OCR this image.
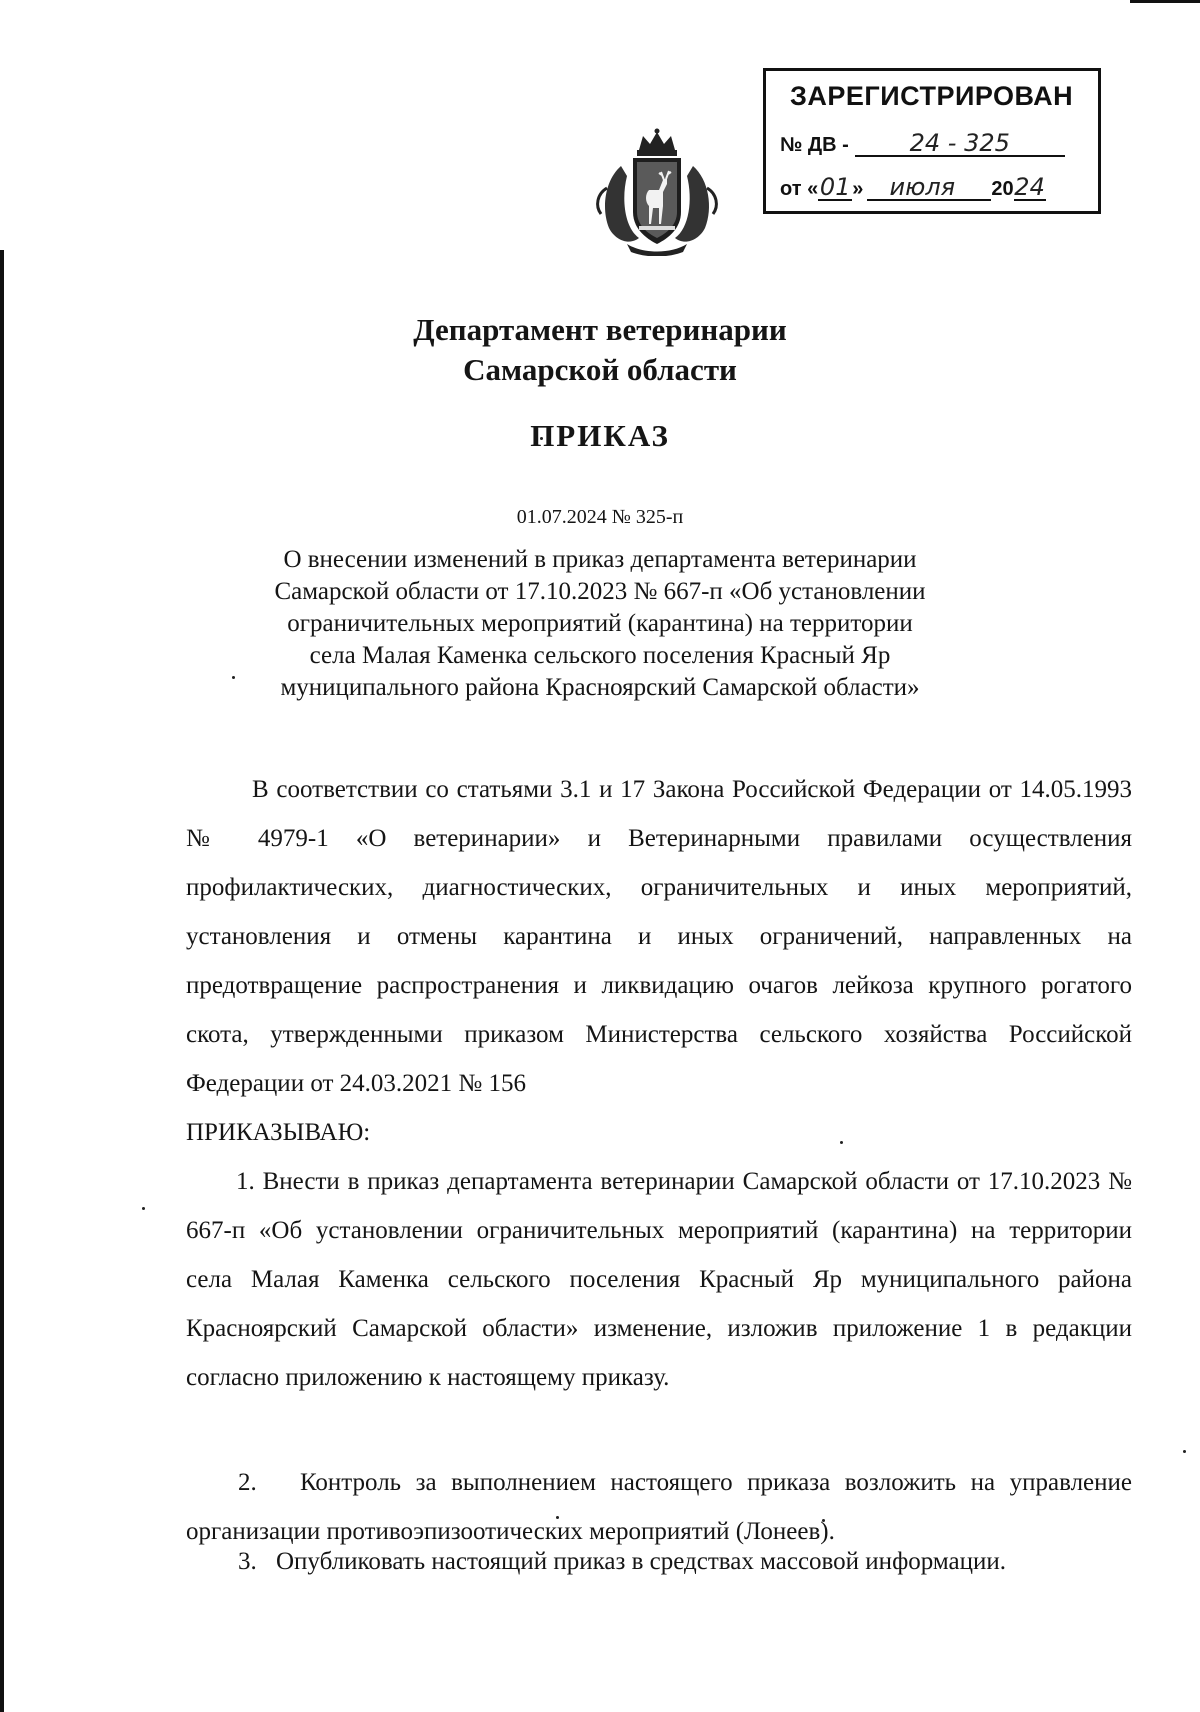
ЗАРЕГИСТРИРОВАН
№ ДВ -	24 - 325
от « 01 »	июля	20 24
Департамент ветеринарии
Самарской области
ПРИКАЗ
01.07.2024 № 325-п
О внесении изменений в приказ департамента ветеринарии
Самарской области от 17.10.2023 № 667-п «Об установлении
ограничительных мероприятий (карантина) на территории
села Малая Каменка сельского поселения Красный Яр
муниципального района Красноярский Самарской области»
В соответствии со статьями 3.1 и 17 Закона Российской Федерации от 14.05.1993 № 4979-1 «О ветеринарии» и Ветеринарными правилами осуществления профилактических, диагностических, ограничительных и иных мероприятий, установления и отмены карантина и иных ограничений, направленных на предотвращение распространения и ликвидацию очагов лейкоза крупного рогатого скота, утвержденными приказом Министерства сельского хозяйства Российской Федерации от 24.03.2021 № 156
ПРИКАЗЫВАЮ:
1. Внести в приказ департамента ветеринарии Самарской области от 17.10.2023 № 667-п «Об установлении ограничительных мероприятий (карантина) на территории села Малая Каменка сельского поселения Красный Яр муниципального района Красноярский Самарской области» изменение, изложив приложение 1 в редакции согласно приложению к настоящему приказу.
2. Контроль за выполнением настоящего приказа возложить на управление организации противоэпизоотических мероприятий (Лонеев).
3. Опубликовать настоящий приказ в средствах массовой информации.
